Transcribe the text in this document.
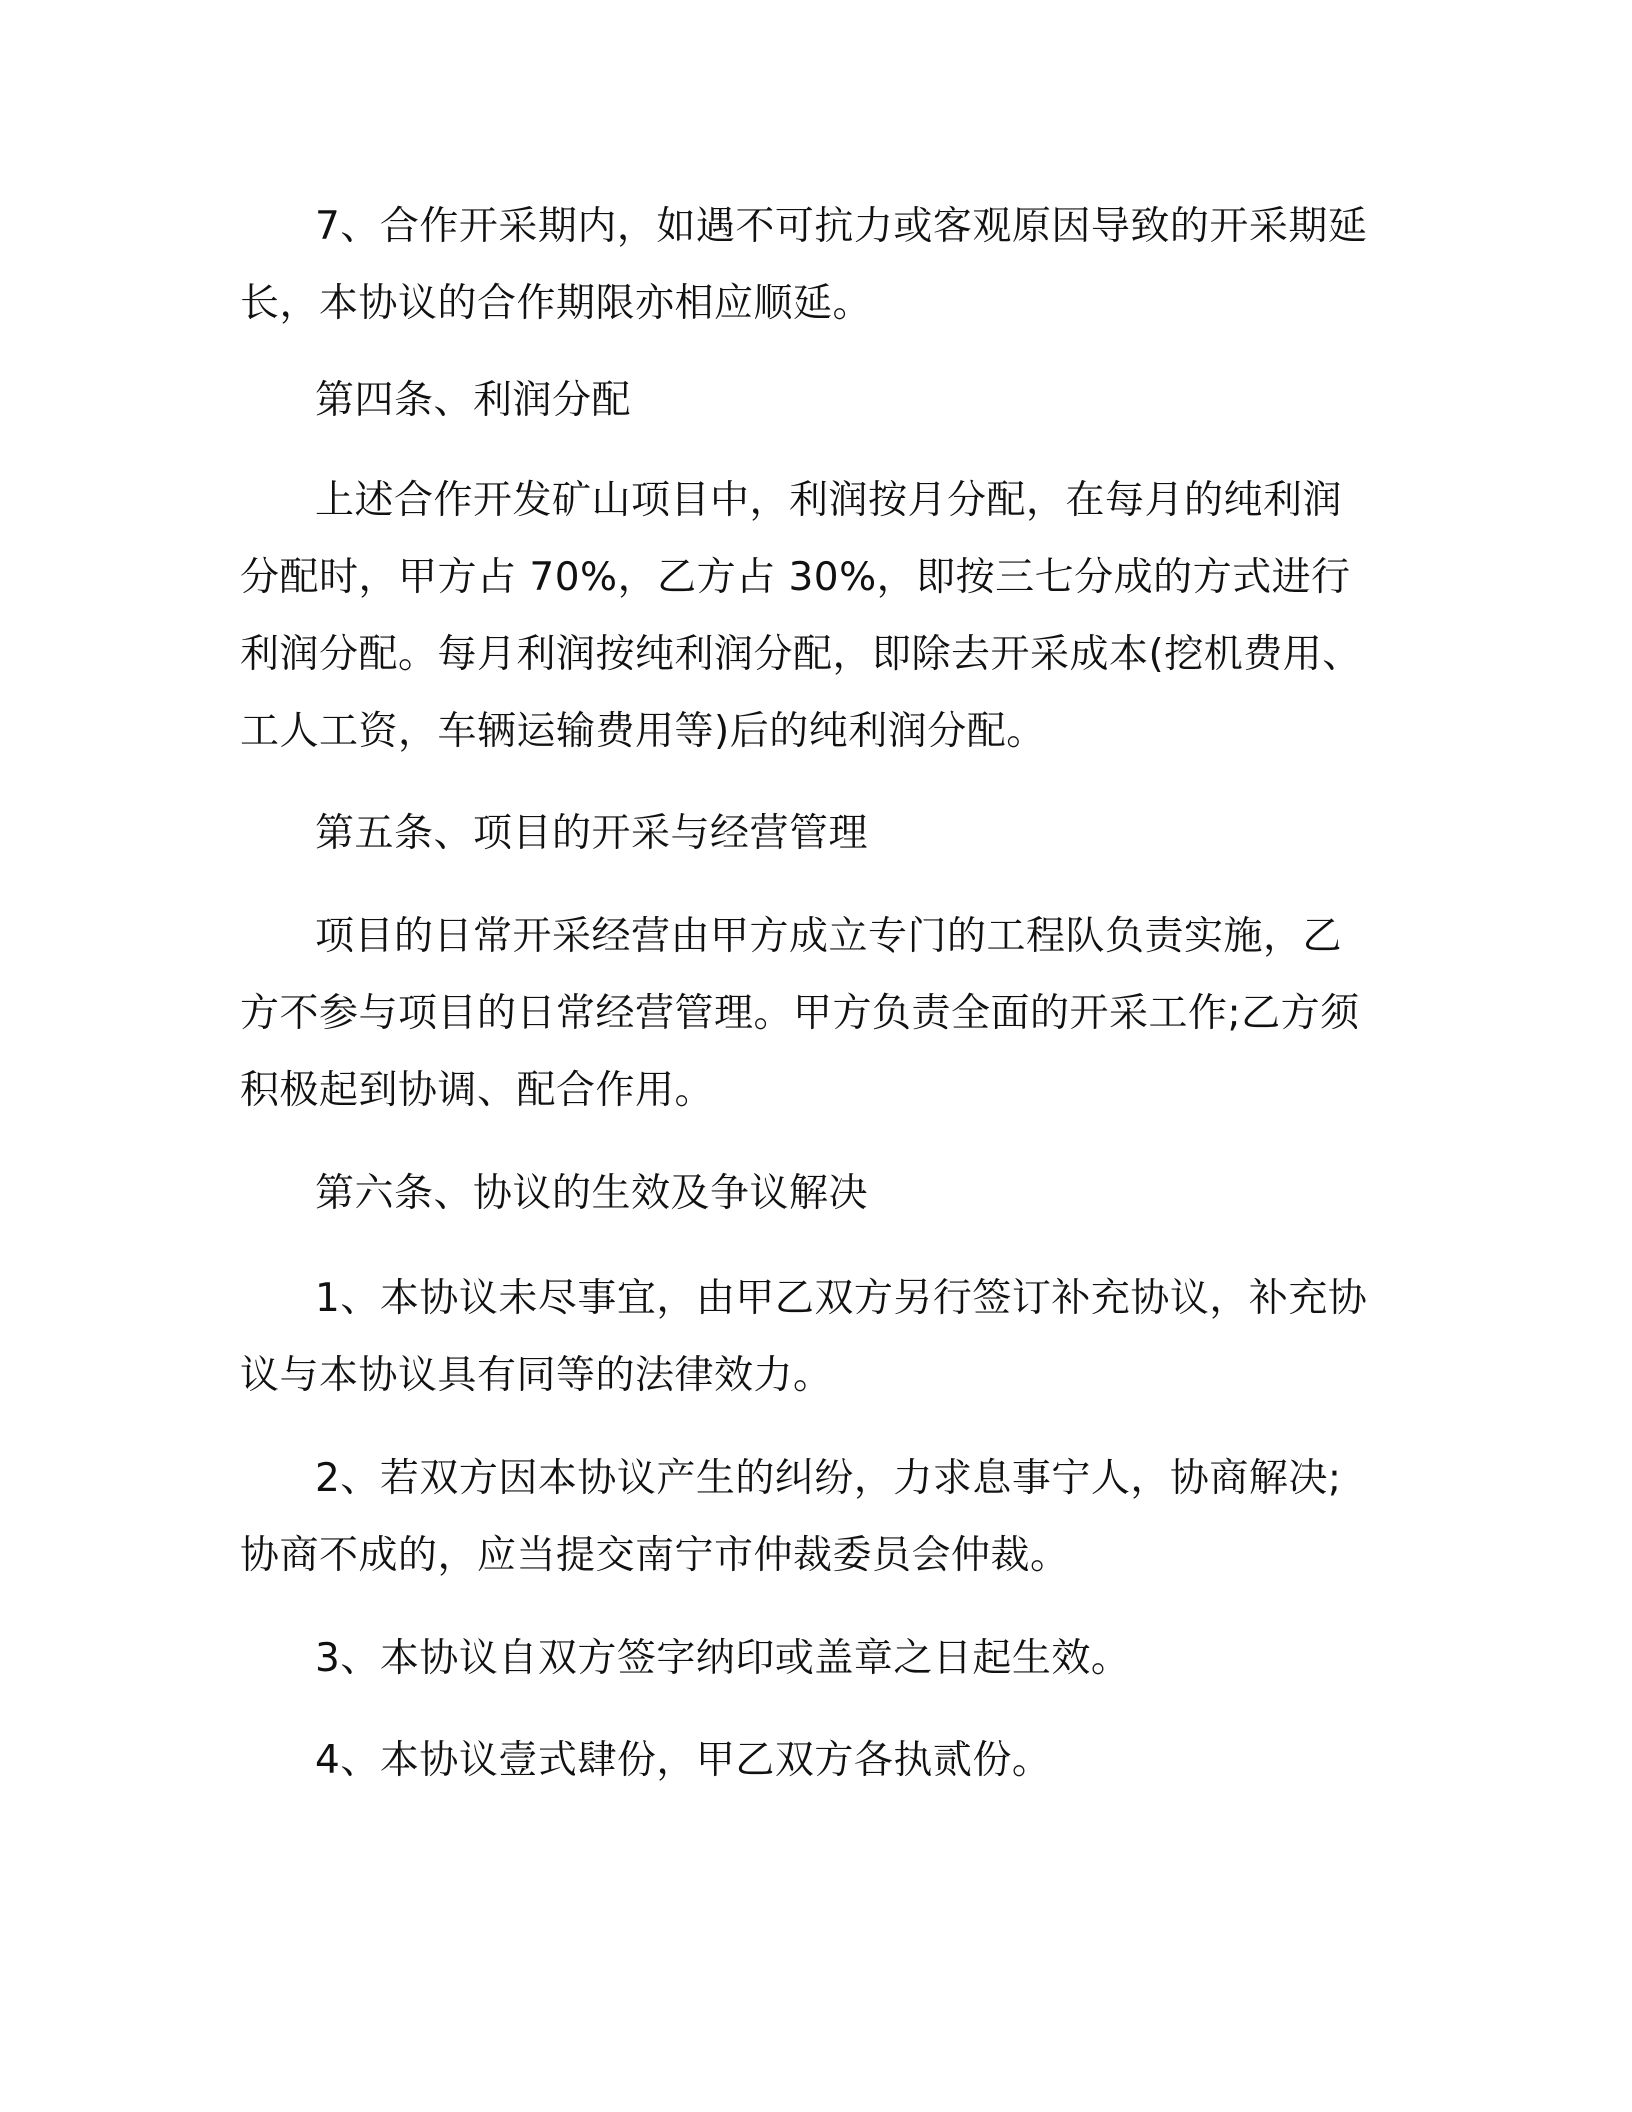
7、合作开采期内，如遇不可抗力或客观原因导致的开采期延长，本协议的合作期限亦相应顺延。

第四条、利润分配

上述合作开发矿山项目中，利润按月分配，在每月的纯利润分配时，甲方占 70%，乙方占 30%，即按三七分成的方式进行利润分配。每月利润按纯利润分配，即除去开采成本(挖机费用、工人工资，车辆运输费用等)后的纯利润分配。

第五条、项目的开采与经营管理

项目的日常开采经营由甲方成立专门的工程队负责实施，乙方不参与项目的日常经营管理。甲方负责全面的开采工作;乙方须积极起到协调、配合作用。

第六条、协议的生效及争议解决

1、本协议未尽事宜，由甲乙双方另行签订补充协议，补充协议与本协议具有同等的法律效力。

2、若双方因本协议产生的纠纷，力求息事宁人，协商解决;协商不成的，应当提交南宁市仲裁委员会仲裁。

3、本协议自双方签字纳印或盖章之日起生效。

4、本协议壹式肆份，甲乙双方各执贰份。
